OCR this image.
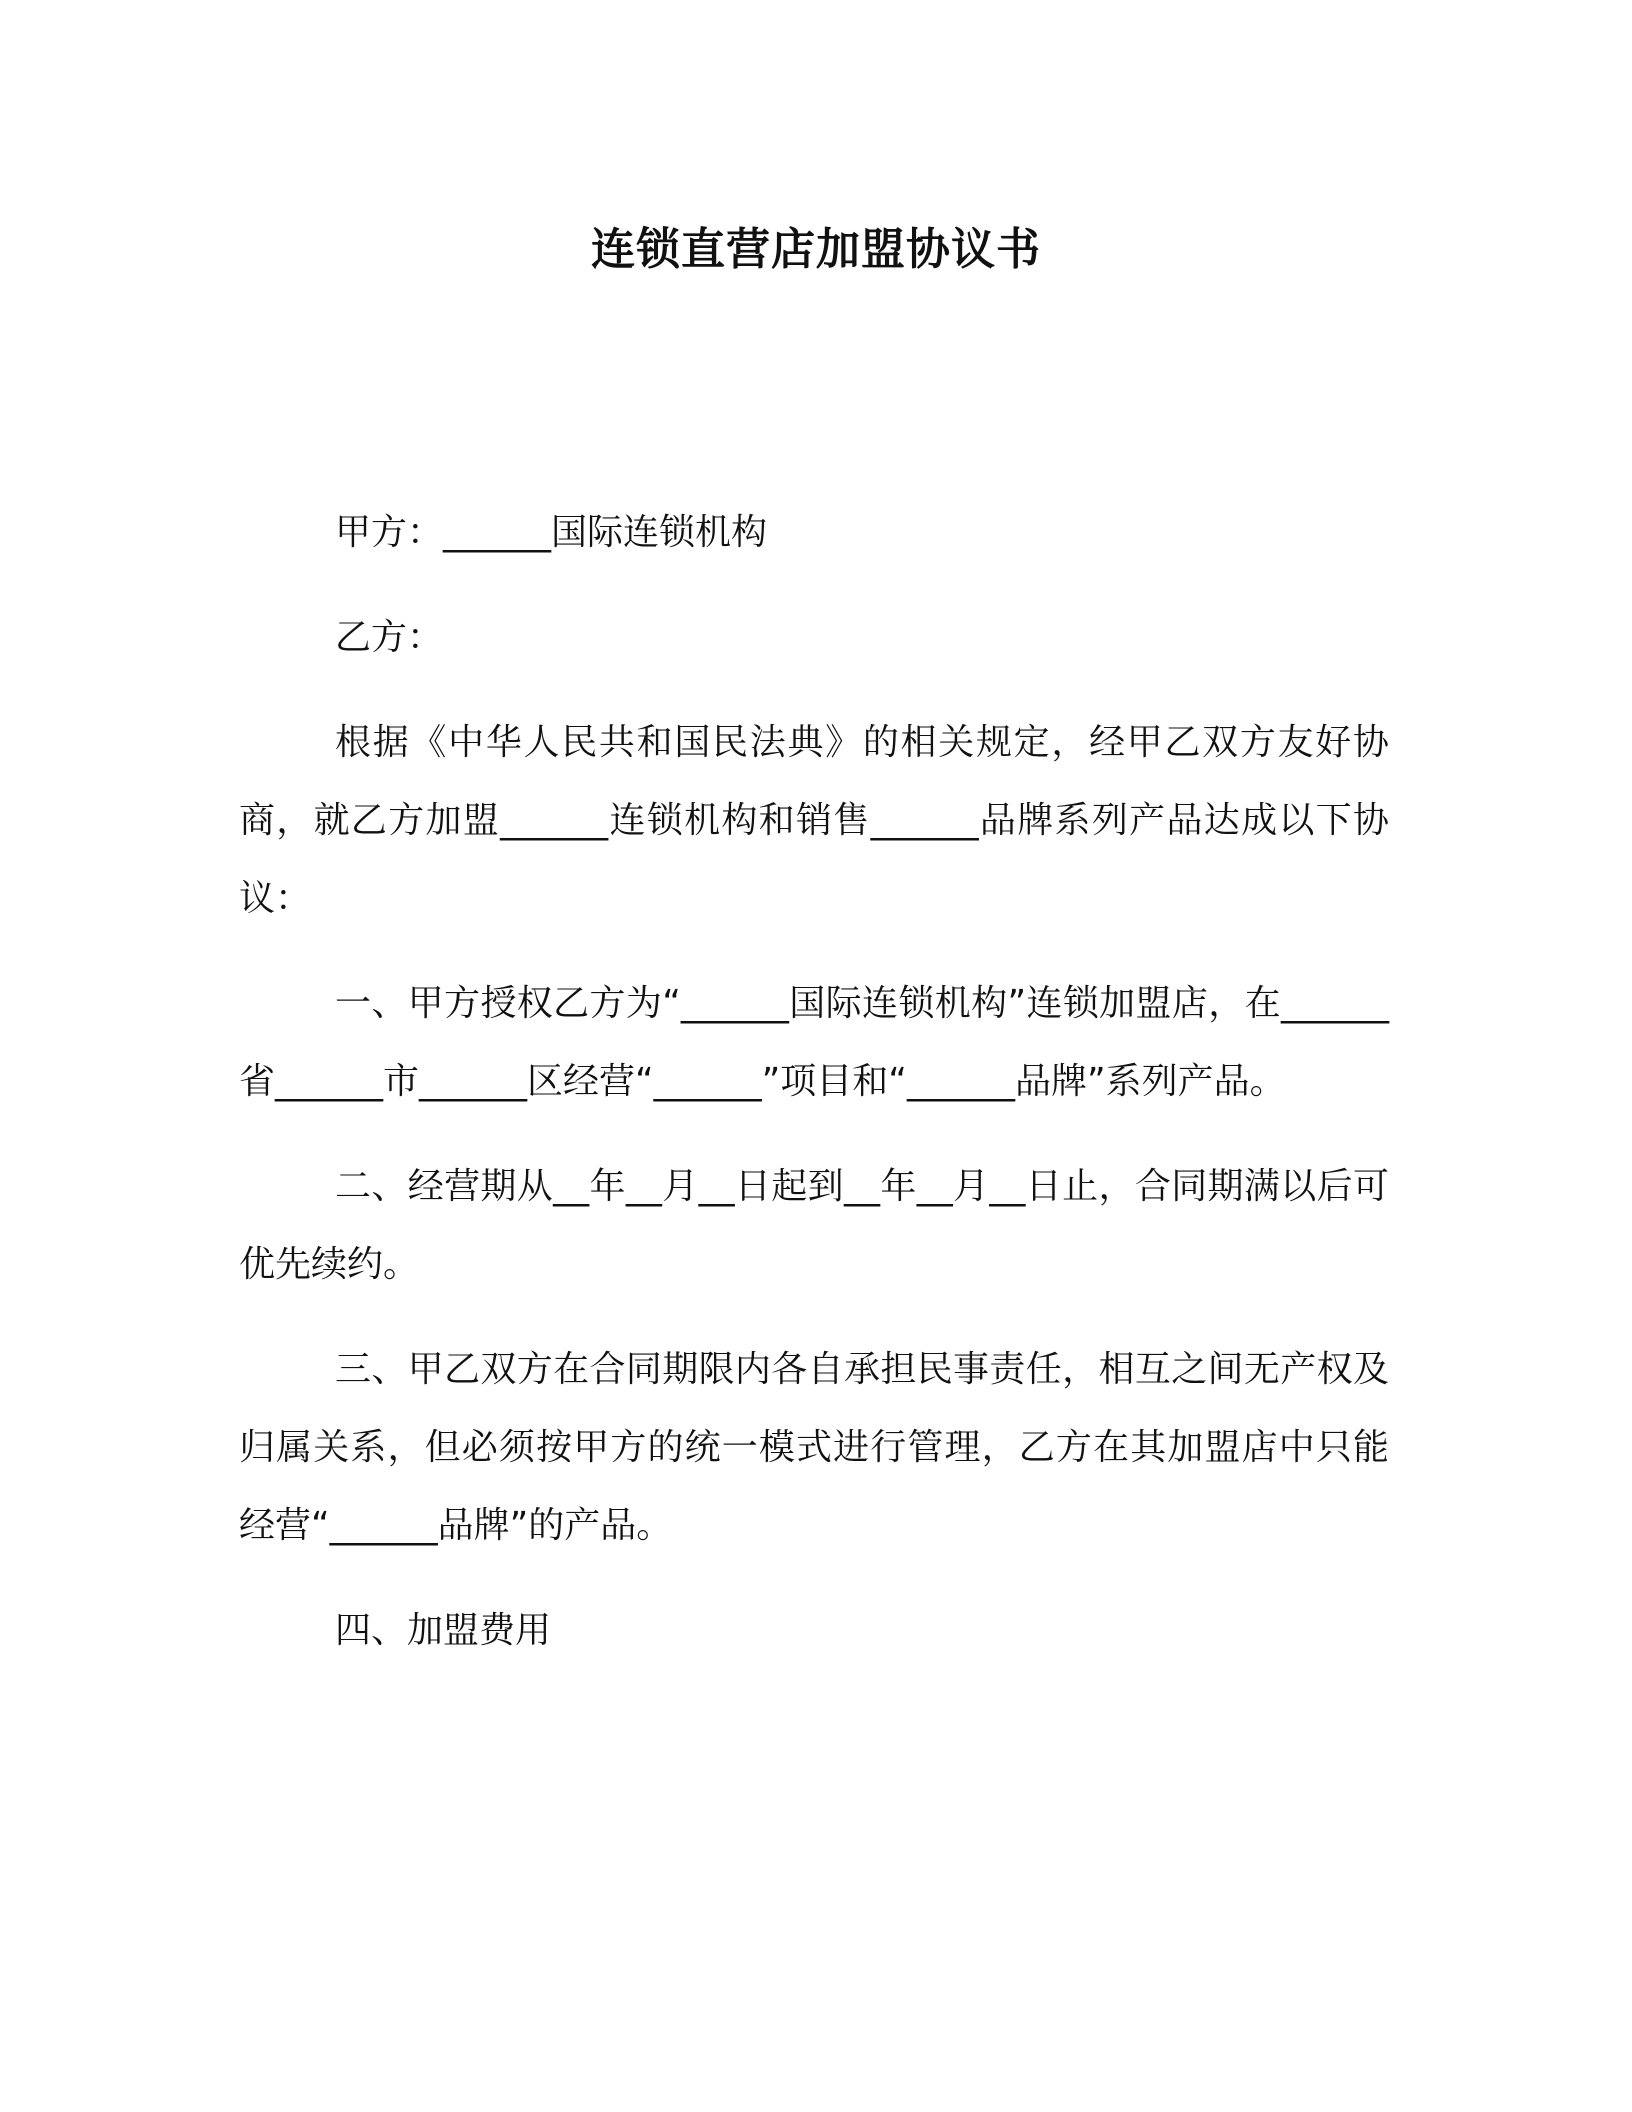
连锁直营店加盟协议书

甲方：______国际连锁机构

乙方：

根据《中华人民共和国民法典》的相关规定，经甲乙双方友好协商，就乙方加盟______连锁机构和销售______品牌系列产品达成以下协议：

一、甲方授权乙方为“______国际连锁机构”连锁加盟店，在______省______市______区经营“______”项目和“______品牌”系列产品。

二、经营期从__年__月__日起到__年__月__日止，合同期满以后可优先续约。

三、甲乙双方在合同期限内各自承担民事责任，相互之间无产权及归属关系，但必须按甲方的统一模式进行管理，乙方在其加盟店中只能经营“______品牌”的产品。

四、加盟费用
